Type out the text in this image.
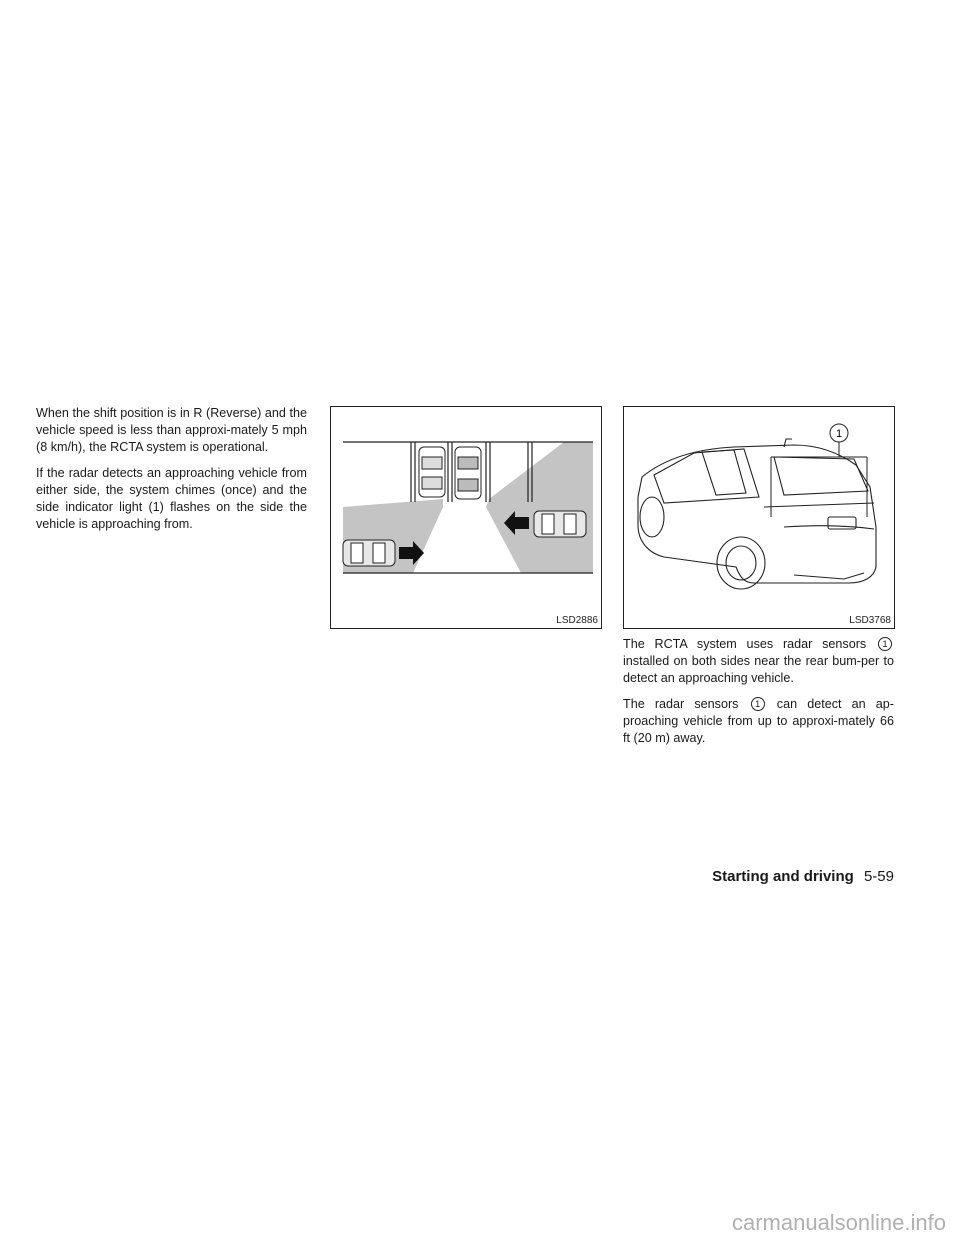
When the shift position is in R (Reverse) and the vehicle speed is less than approxi-mately 5 mph (8 km/h), the RCTA system is operational.

If the radar detects an approaching vehicle from either side, the system chimes (once) and the side indicator light (1) flashes on the side the vehicle is approaching from.

LSD2886
1
LSD3768

The RCTA system uses radar sensors 1 installed on both sides near the rear bum-per to detect an approaching vehicle.

The radar sensors 1 can detect an ap-proaching vehicle from up to approxi-mately 66 ft (20 m) away.

Starting and driving 5-59
carmanualsonline.info
